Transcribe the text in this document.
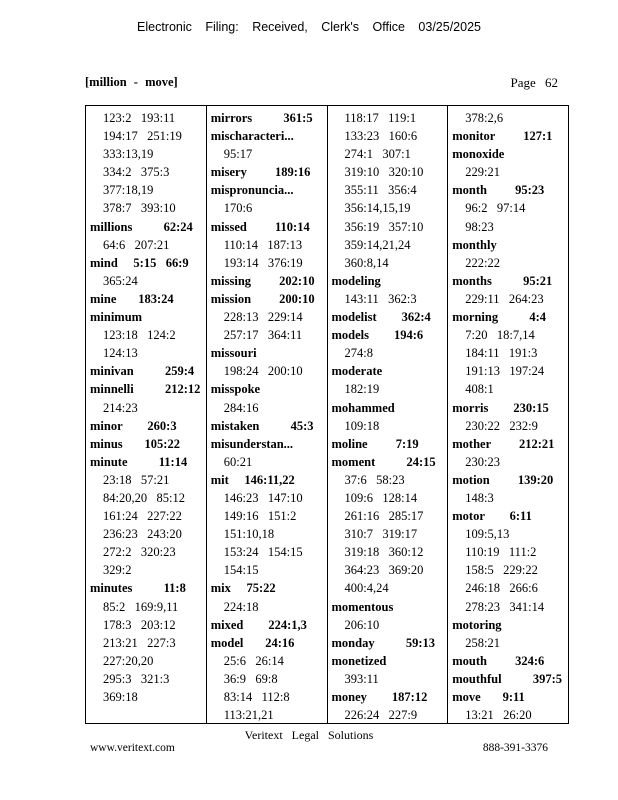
Electronic Filing: Received, Clerk's Office 03/25/2025
[million - move]	Page 62
123:2   193:11
194:17   251:19
333:13,19
334:2   375:3
377:18,19
378:7   393:10
millions          62:24
64:6   207:21
mind     5:15   66:9
365:24
mine       183:24
minimum
123:18   124:2
124:13
minivan          259:4
minnelli          212:12
214:23
minor        260:3
minus       105:22
minute          11:14
23:18   57:21
84:20,20   85:12
161:24   227:22
236:23   243:20
272:2   320:23
329:2
minutes          11:8
85:2   169:9,11
178:3   203:12
213:21   227:3
227:20,20
295:3   321:3
369:18
mirrors          361:5
mischaracteri...
95:17
misery         189:16
mispronuncia...
170:6
missed         110:14
110:14   187:13
193:14   376:19
missing         202:10
mission         200:10
228:13   229:14
257:17   364:11
missouri
198:24   200:10
misspoke
284:16
mistaken          45:3
misunderstan...
60:21
mit     146:11,22
146:23   147:10
149:16   151:2
151:10,18
153:24   154:15
154:15
mix     75:22
224:18
mixed        224:1,3
model       24:16
25:6   26:14
36:9   69:8
83:14   112:8
113:21,21
118:17   119:1
133:23   160:6
274:1   307:1
319:10   320:10
355:11   356:4
356:14,15,19
356:19   357:10
359:14,21,24
360:8,14
modeling
143:11   362:3
modelist        362:4
models        194:6
274:8
moderate
182:19
mohammed
109:18
moline         7:19
moment          24:15
37:6   58:23
109:6   128:14
261:16   285:17
310:7   319:17
319:18   360:12
364:23   369:20
400:4,24
momentous
206:10
monday          59:13
monetized
393:11
money        187:12
226:24   227:9
378:2,6
monitor         127:1
monoxide
229:21
month         95:23
96:2   97:14
98:23
monthly
222:22
months          95:21
229:11   264:23
morning          4:4
7:20   18:7,14
184:11   191:3
191:13   197:24
408:1
morris        230:15
230:22   232:9
mother         212:21
230:23
motion         139:20
148:3
motor        6:11
109:5,13
110:19   111:2
158:5   229:22
246:18   266:6
278:23   341:14
motoring
258:21
mouth         324:6
mouthful          397:5
move       9:11
13:21   26:20
Veritext Legal Solutions
www.veritext.com	888-391-3376
